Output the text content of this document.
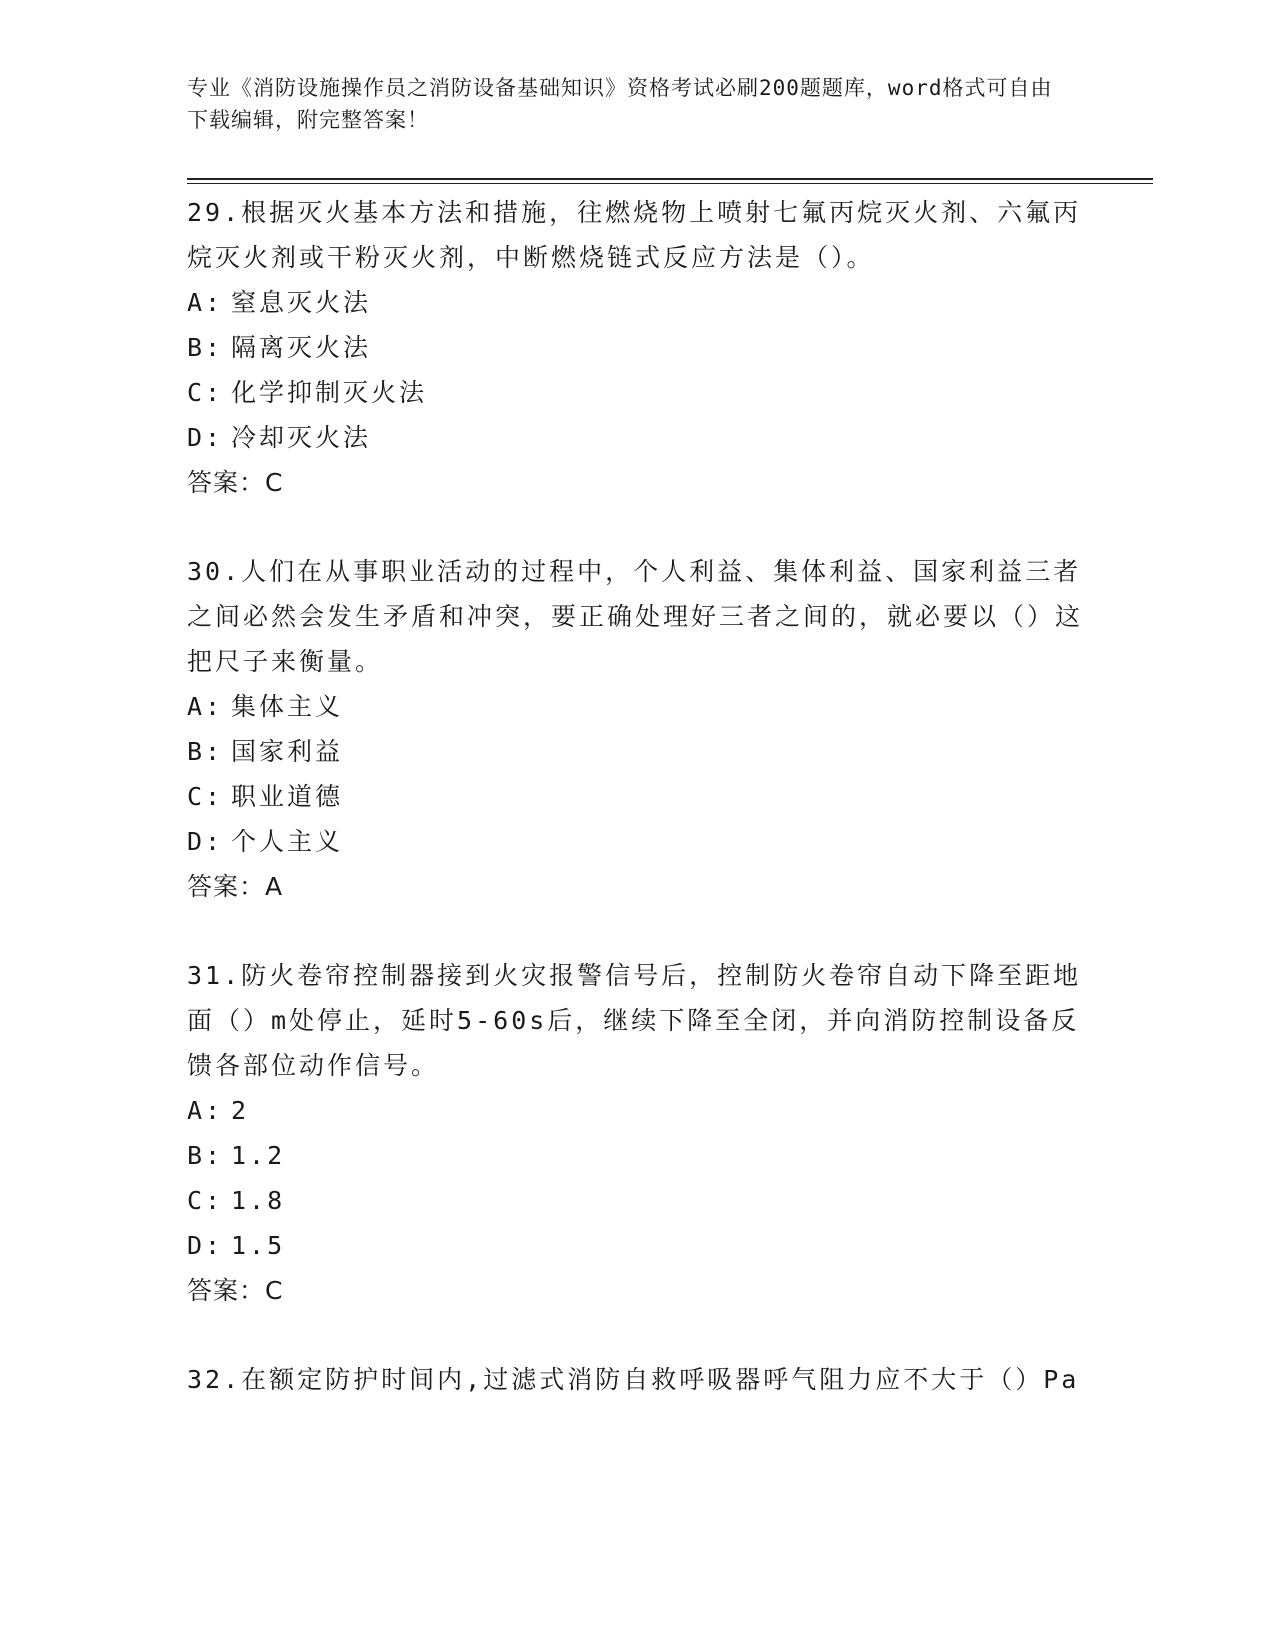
专业《消防设施操作员之消防设备基础知识》资格考试必刷200题题库，word格式可自由下载编辑，附完整答案！
29.根据灭火基本方法和措施，往燃烧物上喷射七氟丙烷灭火剂、六氟丙烷灭火剂或干粉灭火剂，中断燃烧链式反应方法是（）。
A: 窒息灭火法
B: 隔离灭火法
C: 化学抑制灭火法
D: 冷却灭火法
答案：C
30.人们在从事职业活动的过程中，个人利益、集体利益、国家利益三者之间必然会发生矛盾和冲突，要正确处理好三者之间的，就必要以（）这把尺子来衡量。
A: 集体主义
B: 国家利益
C: 职业道德
D: 个人主义
答案：A
31.防火卷帘控制器接到火灾报警信号后，控制防火卷帘自动下降至距地面（）m处停止，延时5-60s后，继续下降至全闭，并向消防控制设备反馈各部位动作信号。
A: 2
B: 1.2
C: 1.8
D: 1.5
答案：C
32.在额定防护时间内,过滤式消防自救呼吸器呼气阻力应不大于（）Pa
